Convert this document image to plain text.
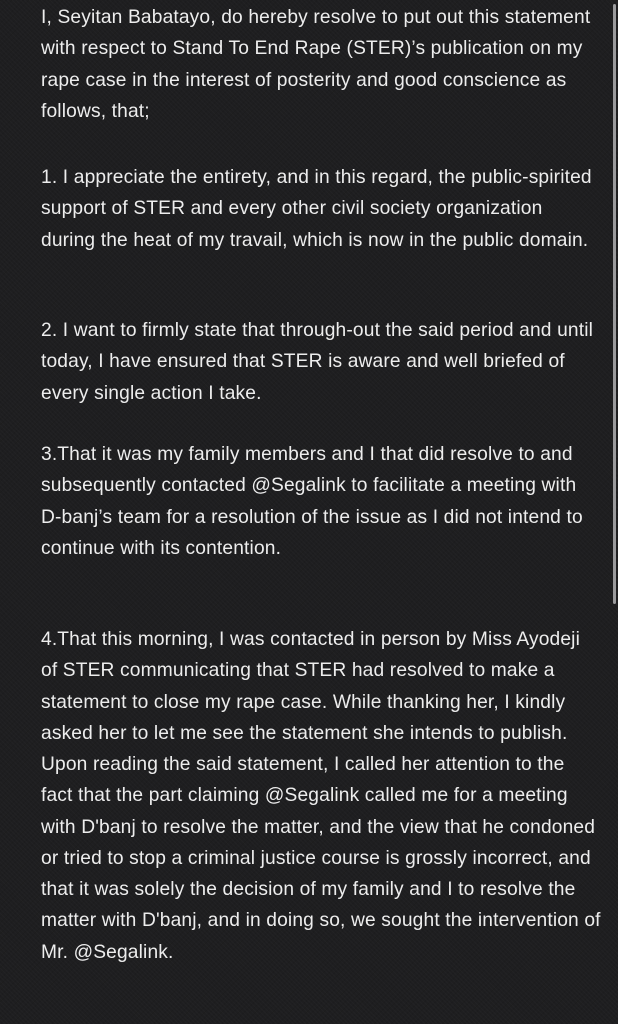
I, Seyitan Babatayo, do hereby resolve to put out this statement with respect to Stand To End Rape (STER)’s publication on my rape case in the interest of posterity and good conscience as follows, that;

1. I appreciate the entirety, and in this regard, the public-spirited support of STER and every other civil society organization during the heat of my travail, which is now in the public domain.

2. I want to firmly state that through-out the said period and until today, I have ensured that STER is aware and well briefed of every single action I take.

3.That it was my family members and I that did resolve to and subsequently contacted @Segalink to facilitate a meeting with D-banj’s team for a resolution of the issue as I did not intend to continue with its contention.

4.That this morning, I was contacted in person by Miss Ayodeji of STER communicating that STER had resolved to make a statement to close my rape case. While thanking her, I kindly asked her to let me see the statement she intends to publish. Upon reading the said statement, I called her attention to the fact that the part claiming @Segalink called me for a meeting with D'banj to resolve the matter, and the view that he condoned or tried to stop a criminal justice course is grossly incorrect, and that it was solely the decision of my family and I to resolve the matter with D'banj, and in doing so, we sought the intervention of Mr. @Segalink.
